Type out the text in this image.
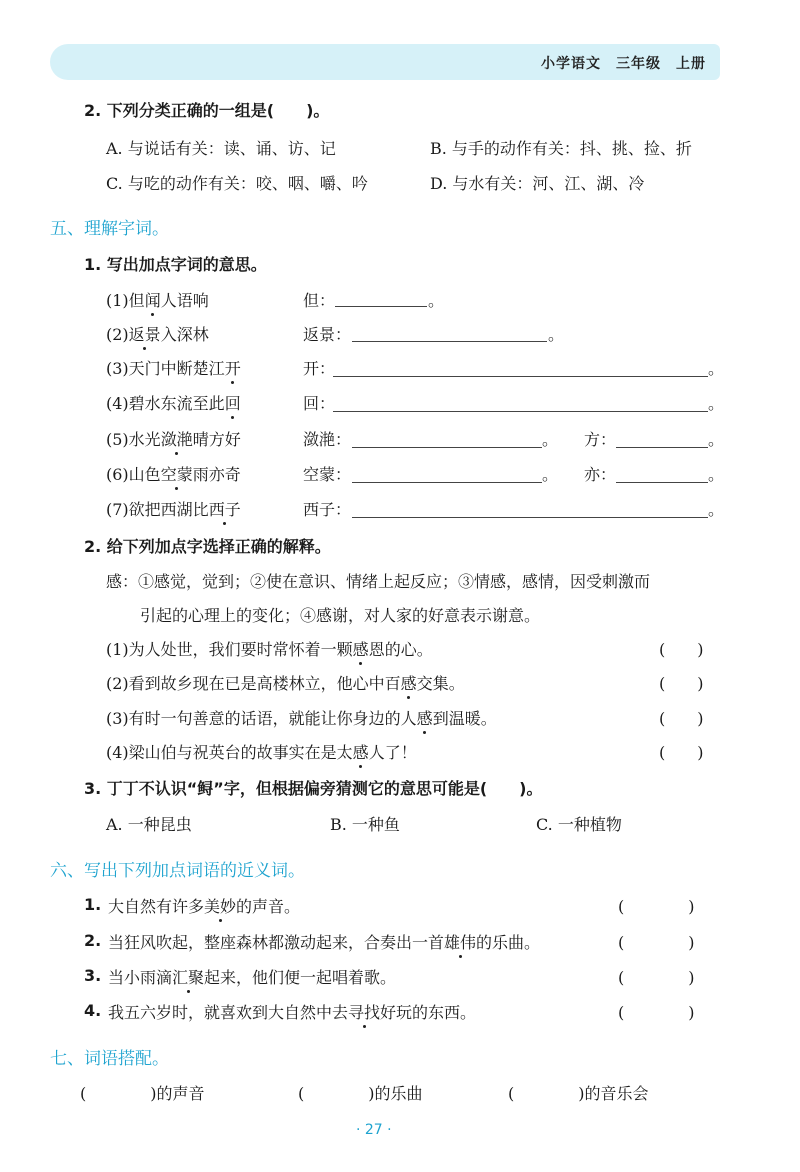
小学语文　三年级　上册
2. 下列分类正确的一组是(　　)。
A. 与说话有关：读、诵、访、记	B. 与手的动作有关：抖、挑、捡、折
C. 与吃的动作有关：咬、咽、嚼、吟	D. 与水有关：河、江、湖、冷
五、理解字词。
1. 写出加点字词的意思。
(1)但闻人语响	但：	。
(2)返景入深林	返景：	。
(3)天门中断楚江开	开：	。
(4)碧水东流至此回	回：	。
(5)水光潋滟晴方好	潋滟：	。 方：	。
(6)山色空蒙雨亦奇	空蒙：	。 亦：	。
(7)欲把西湖比西子	西子：	。
2. 给下列加点字选择正确的解释。
感：①感觉，觉到；②使在意识、情绪上起反应；③情感，感情，因受刺激而
引起的心理上的变化；④感谢，对人家的好意表示谢意。
(1)为人处世，我们要时常怀着一颗感恩的心。	(　　)
(2)看到故乡现在已是高楼林立，他心中百感交集。	(　　)
(3)有时一句善意的话语，就能让你身边的人感到温暖。	(　　)
(4)梁山伯与祝英台的故事实在是太感人了！	(　　)
3. 丁丁不认识“鲟”字，但根据偏旁猜测它的意思可能是(　　)。
A. 一种昆虫	B. 一种鱼	C. 一种植物
六、写出下列加点词语的近义词。
1. 大自然有许多美妙的声音。	(　　　　)
2. 当狂风吹起，整座森林都激动起来，合奏出一首雄伟的乐曲。	(　　　　)
3. 当小雨滴汇聚起来，他们便一起唱着歌。	(　　　　)
4. 我五六岁时，就喜欢到大自然中去寻找好玩的东西。	(　　　　)
七、词语搭配。
(　　　　)的声音	(　　　　)的乐曲	(　　　　)的音乐会
· 27 ·
